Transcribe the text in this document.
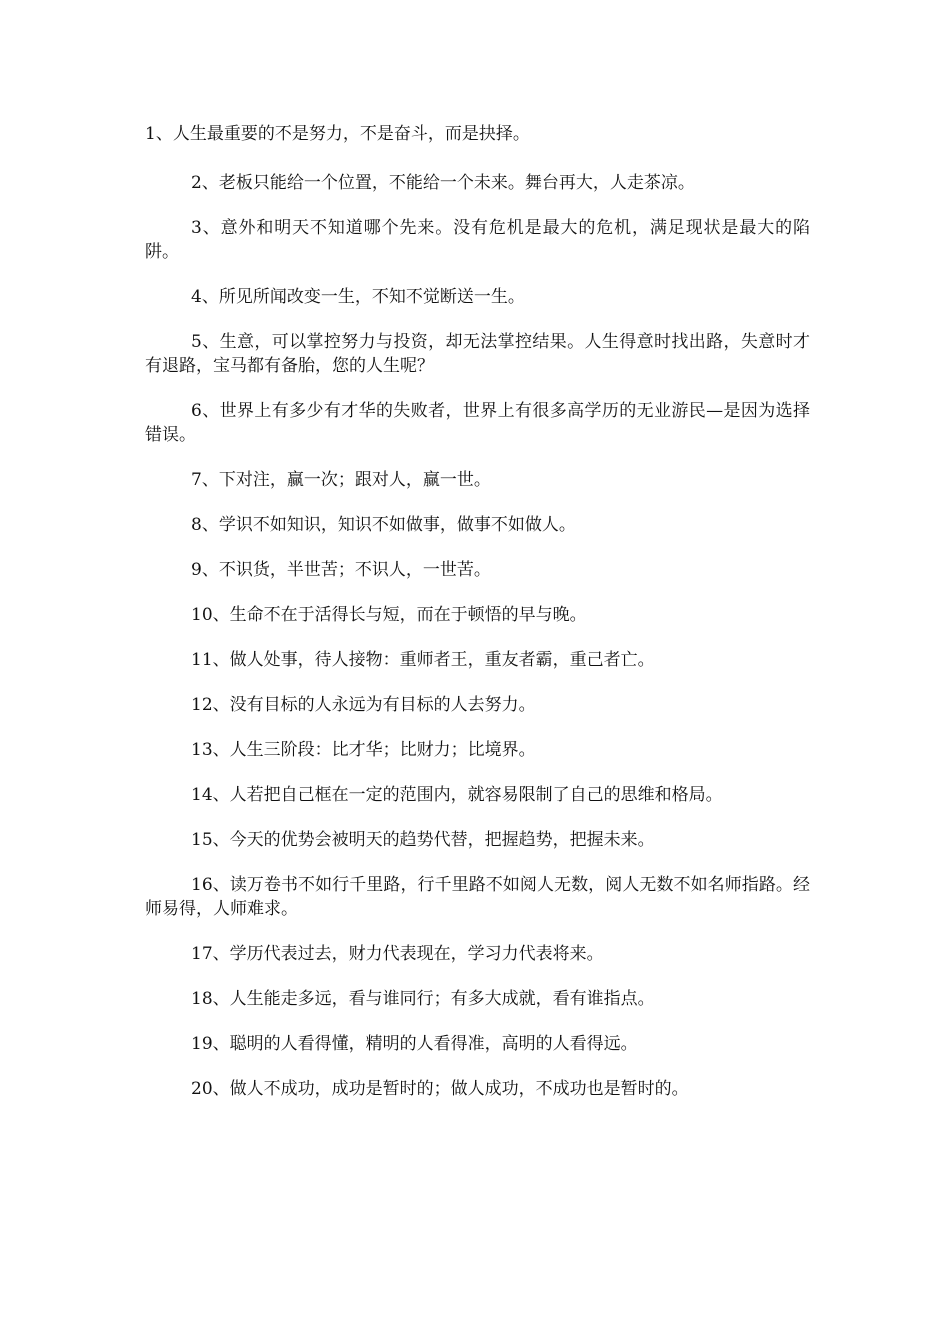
1、人生最重要的不是努力，不是奋斗，而是抉择。

2、老板只能给一个位置，不能给一个未来。舞台再大，人走茶凉。

3、意外和明天不知道哪个先来。没有危机是最大的危机，满足现状是最大的陷阱。

4、所见所闻改变一生，不知不觉断送一生。

5、生意，可以掌控努力与投资，却无法掌控结果。人生得意时找出路，失意时才有退路，宝马都有备胎，您的人生呢？

6、世界上有多少有才华的失败者，世界上有很多高学历的无业游民—是因为选择错误。

7、下对注，赢一次；跟对人，赢一世。

8、学识不如知识，知识不如做事，做事不如做人。

9、不识货，半世苦；不识人，一世苦。

10、生命不在于活得长与短，而在于顿悟的早与晚。

11、做人处事，待人接物：重师者王，重友者霸，重己者亡。

12、没有目标的人永远为有目标的人去努力。

13、人生三阶段：比才华；比财力；比境界。

14、人若把自己框在一定的范围内，就容易限制了自己的思维和格局。

15、今天的优势会被明天的趋势代替，把握趋势，把握未来。

16、读万卷书不如行千里路，行千里路不如阅人无数，阅人无数不如名师指路。经师易得，人师难求。

17、学历代表过去，财力代表现在，学习力代表将来。

18、人生能走多远，看与谁同行；有多大成就，看有谁指点。

19、聪明的人看得懂，精明的人看得准，高明的人看得远。

20、做人不成功，成功是暂时的；做人成功，不成功也是暂时的。
